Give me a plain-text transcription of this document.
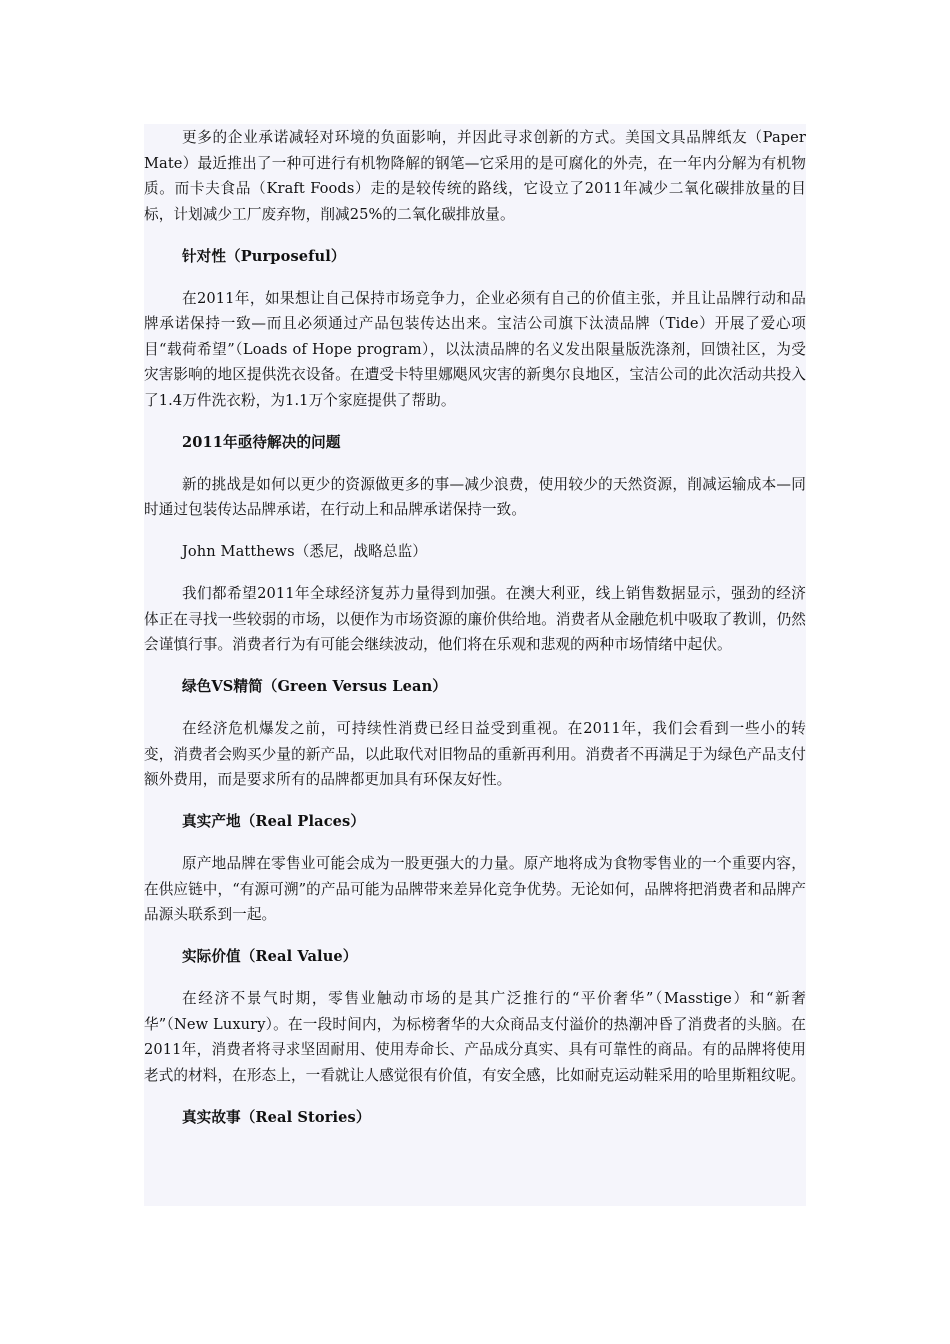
更多的企业承诺减轻对环境的负面影响，并因此寻求创新的方式。美国文具品牌纸友（Paper Mate）最近推出了一种可进行有机物降解的钢笔—它采用的是可腐化的外壳，在一年内分解为有机物质。而卡夫食品（Kraft Foods）走的是较传统的路线，它设立了2011年减少二氧化碳排放量的目标，计划减少工厂废弃物，削减25%的二氧化碳排放量。

针对性（Purposeful）

在2011年，如果想让自己保持市场竞争力，企业必须有自己的价值主张，并且让品牌行动和品牌承诺保持一致—而且必须通过产品包装传达出来。宝洁公司旗下汰渍品牌（Tide）开展了爱心项目“载荷希望”（Loads of Hope program），以汰渍品牌的名义发出限量版洗涤剂，回馈社区，为受灾害影响的地区提供洗衣设备。在遭受卡特里娜飓风灾害的新奥尔良地区，宝洁公司的此次活动共投入了1.4万件洗衣粉，为1.1万个家庭提供了帮助。

2011年亟待解决的问题

新的挑战是如何以更少的资源做更多的事—减少浪费，使用较少的天然资源，削减运输成本—同时通过包装传达品牌承诺，在行动上和品牌承诺保持一致。

John Matthews（悉尼，战略总监）

我们都希望2011年全球经济复苏力量得到加强。在澳大利亚，线上销售数据显示，强劲的经济体正在寻找一些较弱的市场，以便作为市场资源的廉价供给地。消费者从金融危机中吸取了教训，仍然会谨慎行事。消费者行为有可能会继续波动，他们将在乐观和悲观的两种市场情绪中起伏。

绿色VS精简（Green Versus Lean）

在经济危机爆发之前，可持续性消费已经日益受到重视。在2011年，我们会看到一些小的转变，消费者会购买少量的新产品，以此取代对旧物品的重新再利用。消费者不再满足于为绿色产品支付额外费用，而是要求所有的品牌都更加具有环保友好性。

真实产地（Real Places）

原产地品牌在零售业可能会成为一股更强大的力量。原产地将成为食物零售业的一个重要内容，在供应链中，“有源可溯”的产品可能为品牌带来差异化竞争优势。无论如何，品牌将把消费者和品牌产品源头联系到一起。

实际价值（Real Value）

在经济不景气时期，零售业触动市场的是其广泛推行的“平价奢华”（Masstige）和“新奢华”（New Luxury）。在一段时间内，为标榜奢华的大众商品支付溢价的热潮冲昏了消费者的头脑。在2011年，消费者将寻求坚固耐用、使用寿命长、产品成分真实、具有可靠性的商品。有的品牌将使用老式的材料，在形态上，一看就让人感觉很有价值，有安全感，比如耐克运动鞋采用的哈里斯粗纹呢。

真实故事（Real Stories）
